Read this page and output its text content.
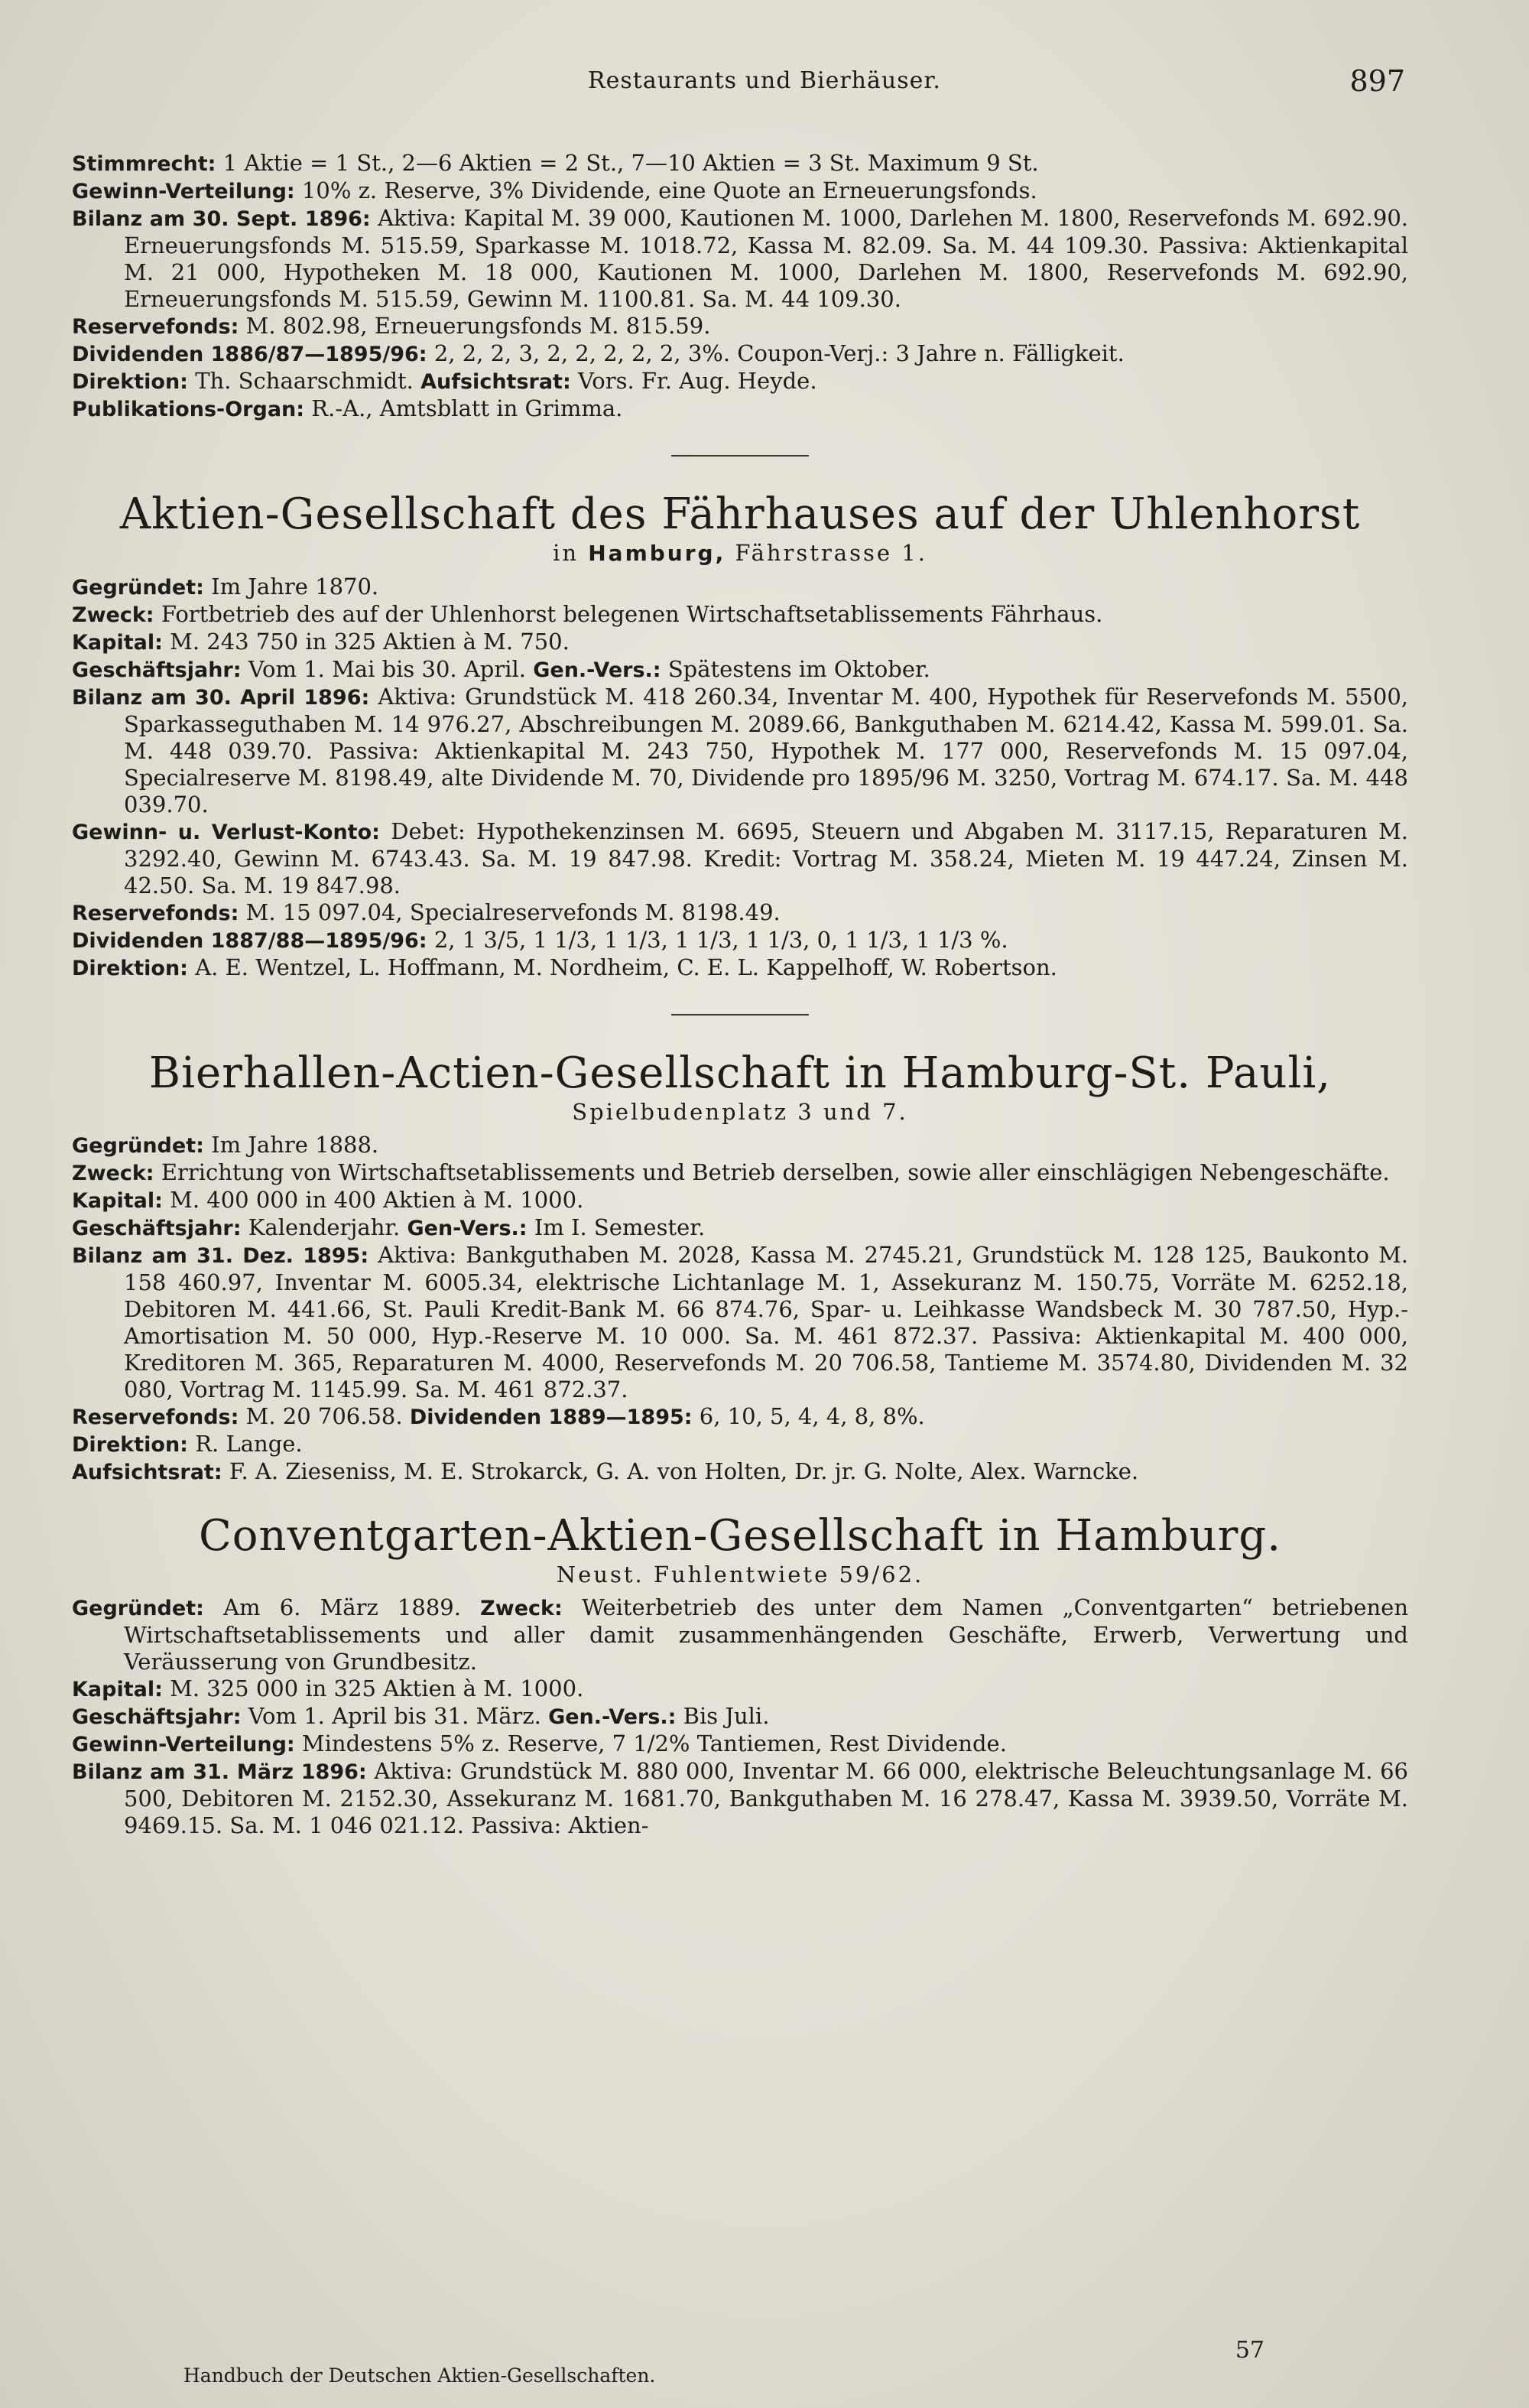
Restaurants und Bierhäuser.	897

Stimmrecht: 1 Aktie = 1 St., 2—6 Aktien = 2 St., 7—10 Aktien = 3 St. Maximum 9 St.

Gewinn-Verteilung: 10% z. Reserve, 3% Dividende, eine Quote an Erneuerungsfonds.

Bilanz am 30. Sept. 1896: Aktiva: Kapital M. 39 000, Kautionen M. 1000, Darlehen M. 1800, Reservefonds M. 692.90. Erneuerungsfonds M. 515.59, Sparkasse M. 1018.72, Kassa M. 82.09. Sa. M. 44 109.30. Passiva: Aktienkapital M. 21 000, Hypotheken M. 18 000, Kautionen M. 1000, Darlehen M. 1800, Reservefonds M. 692.90, Erneuerungsfonds M. 515.59, Gewinn M. 1100.81. Sa. M. 44 109.30.

Reservefonds: M. 802.98, Erneuerungsfonds M. 815.59.

Dividenden 1886/87—1895/96: 2, 2, 2, 3, 2, 2, 2, 2, 2, 3%. Coupon-Verj.: 3 Jahre n. Fälligkeit.

Direktion: Th. Schaarschmidt. Aufsichtsrat: Vors. Fr. Aug. Heyde.

Publikations-Organ: R.-A., Amtsblatt in Grimma.

Aktien-Gesellschaft des Fährhauses auf der Uhlenhorst

in Hamburg, Fährstrasse 1.

Gegründet: Im Jahre 1870.

Zweck: Fortbetrieb des auf der Uhlenhorst belegenen Wirtschaftsetablissements Fährhaus.

Kapital: M. 243 750 in 325 Aktien à M. 750.

Geschäftsjahr: Vom 1. Mai bis 30. April. Gen.-Vers.: Spätestens im Oktober.

Bilanz am 30. April 1896: Aktiva: Grundstück M. 418 260.34, Inventar M. 400, Hypothek für Reservefonds M. 5500, Sparkasseguthaben M. 14 976.27, Abschreibungen M. 2089.66, Bankguthaben M. 6214.42, Kassa M. 599.01. Sa. M. 448 039.70. Passiva: Aktienkapital M. 243 750, Hypothek M. 177 000, Reservefonds M. 15 097.04, Specialreserve M. 8198.49, alte Dividende M. 70, Dividende pro 1895/96 M. 3250, Vortrag M. 674.17. Sa. M. 448 039.70.

Gewinn- u. Verlust-Konto: Debet: Hypothekenzinsen M. 6695, Steuern und Abgaben M. 3117.15, Reparaturen M. 3292.40, Gewinn M. 6743.43. Sa. M. 19 847.98. Kredit: Vortrag M. 358.24, Mieten M. 19 447.24, Zinsen M. 42.50. Sa. M. 19 847.98.

Reservefonds: M. 15 097.04, Specialreservefonds M. 8198.49.

Dividenden 1887/88—1895/96: 2, 1 3/5, 1 1/3, 1 1/3, 1 1/3, 1 1/3, 0, 1 1/3, 1 1/3 %.

Direktion: A. E. Wentzel, L. Hoffmann, M. Nordheim, C. E. L. Kappelhoff, W. Robertson.

Bierhallen-Actien-Gesellschaft in Hamburg-St. Pauli,

Spielbudenplatz 3 und 7.

Gegründet: Im Jahre 1888.

Zweck: Errichtung von Wirtschaftsetablissements und Betrieb derselben, sowie aller einschlägigen Nebengeschäfte.

Kapital: M. 400 000 in 400 Aktien à M. 1000.

Geschäftsjahr: Kalenderjahr. Gen-Vers.: Im I. Semester.

Bilanz am 31. Dez. 1895: Aktiva: Bankguthaben M. 2028, Kassa M. 2745.21, Grundstück M. 128 125, Baukonto M. 158 460.97, Inventar M. 6005.34, elektrische Lichtanlage M. 1, Assekuranz M. 150.75, Vorräte M. 6252.18, Debitoren M. 441.66, St. Pauli Kredit-Bank M. 66 874.76, Spar- u. Leihkasse Wandsbeck M. 30 787.50, Hyp.-Amortisation M. 50 000, Hyp.-Reserve M. 10 000. Sa. M. 461 872.37. Passiva: Aktienkapital M. 400 000, Kreditoren M. 365, Reparaturen M. 4000, Reservefonds M. 20 706.58, Tantieme M. 3574.80, Dividenden M. 32 080, Vortrag M. 1145.99. Sa. M. 461 872.37.

Reservefonds: M. 20 706.58. Dividenden 1889—1895: 6, 10, 5, 4, 4, 8, 8%.

Direktion: R. Lange.

Aufsichtsrat: F. A. Zieseniss, M. E. Strokarck, G. A. von Holten, Dr. jr. G. Nolte, Alex. Warncke.

Conventgarten-Aktien-Gesellschaft in Hamburg.

Neust. Fuhlentwiete 59/62.

Gegründet: Am 6. März 1889. Zweck: Weiterbetrieb des unter dem Namen „Conventgarten“ betriebenen Wirtschaftsetablissements und aller damit zusammenhängenden Geschäfte, Erwerb, Verwertung und Veräusserung von Grundbesitz.

Kapital: M. 325 000 in 325 Aktien à M. 1000.

Geschäftsjahr: Vom 1. April bis 31. März. Gen.-Vers.: Bis Juli.

Gewinn-Verteilung: Mindestens 5% z. Reserve, 7 1/2% Tantiemen, Rest Dividende.

Bilanz am 31. März 1896: Aktiva: Grundstück M. 880 000, Inventar M. 66 000, elektrische Beleuchtungsanlage M. 66 500, Debitoren M. 2152.30, Assekuranz M. 1681.70, Bankguthaben M. 16 278.47, Kassa M. 3939.50, Vorräte M. 9469.15. Sa. M. 1 046 021.12. Passiva: Aktien-

Handbuch der Deutschen Aktien-Gesellschaften.
57
